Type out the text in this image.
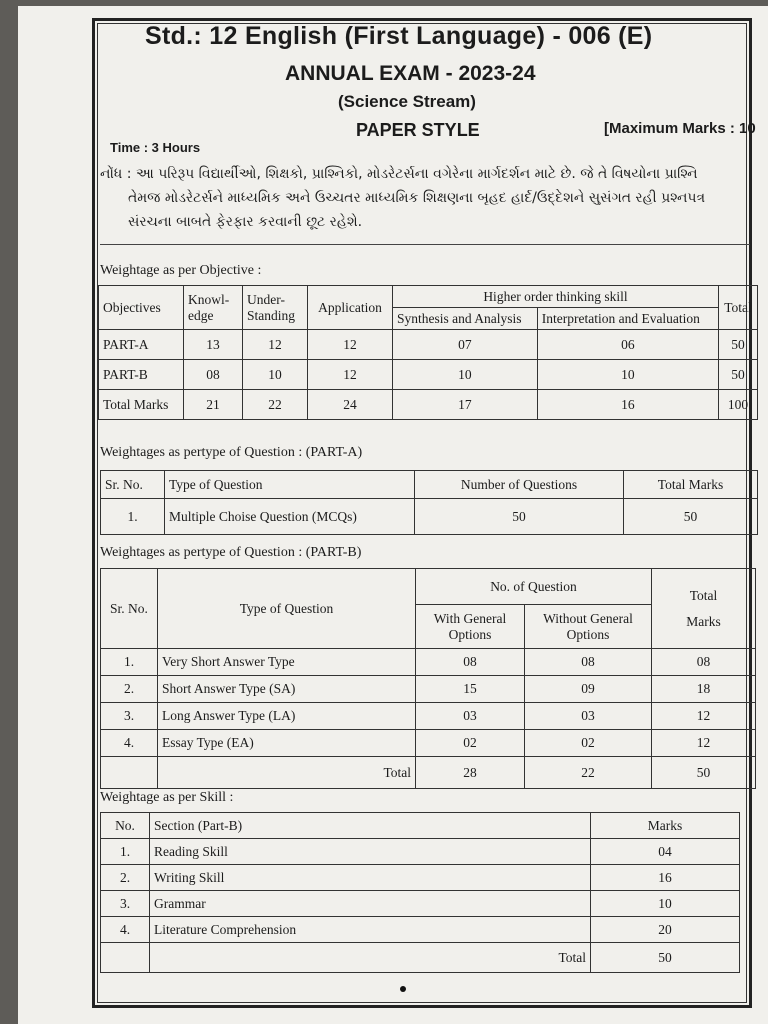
Std.: 12 English (First Language) - 006 (E)
ANNUAL EXAM - 2023-24
(Science Stream)
PAPER STYLE	[Maximum Marks : 10
Time : 3 Hours

નોંધ : આ પરિરૂપ વિદ્યાર્થીઓ, શિક્ષકો, પ્રાશ્નિકો, મોડરેટર્સના વગેરેના માર્ગદર્શન માટે છે. જે તે વિષયોના પ્રાશ્નિ

તેમજ મોડરેટર્સને માધ્યમિક અને ઉચ્ચતર માધ્યમિક શિક્ષણના બૃહદ હાર્દ/ઉદ્દેશને સુસંગત રહી પ્રશ્નપત્ર

સંરચના બાબતે ફેરફાર કરવાની છૂટ રહેશે.

Weightage as per Objective :
Objectives	Knowl-edge	Under-Standing	Application	Higher order thinking skill		Total
				Synthesis and Analysis	Interpretation and Evaluation	
PART-A	13	12	12	07	06	50
PART-B	08	10	12	10	10	50
Total Marks	21	22	24	17	16	100
Weightages as pertype of Question : (PART-A)
Sr. No.	Type of Question	Number of Questions	Total Marks
1.	Multiple Choise Question (MCQs)	50	50
Weightages as pertype of Question : (PART-B)
Sr. No.	Type of Question	No. of Question		Total
Marks

		With General Options	Without General Options	
1.	Very Short Answer Type	08	08	08
2.	Short Answer Type (SA)	15	09	18
3.	Long Answer Type (LA)	03	03	12
4.	Essay Type (EA)	02	02	12
	Total	28	22	50
Weightage as per Skill :
No.	Section (Part-B)	Marks
1.	Reading Skill	04
2.	Writing Skill	16
3.	Grammar	10
4.	Literature Comprehension	20
	Total	50
